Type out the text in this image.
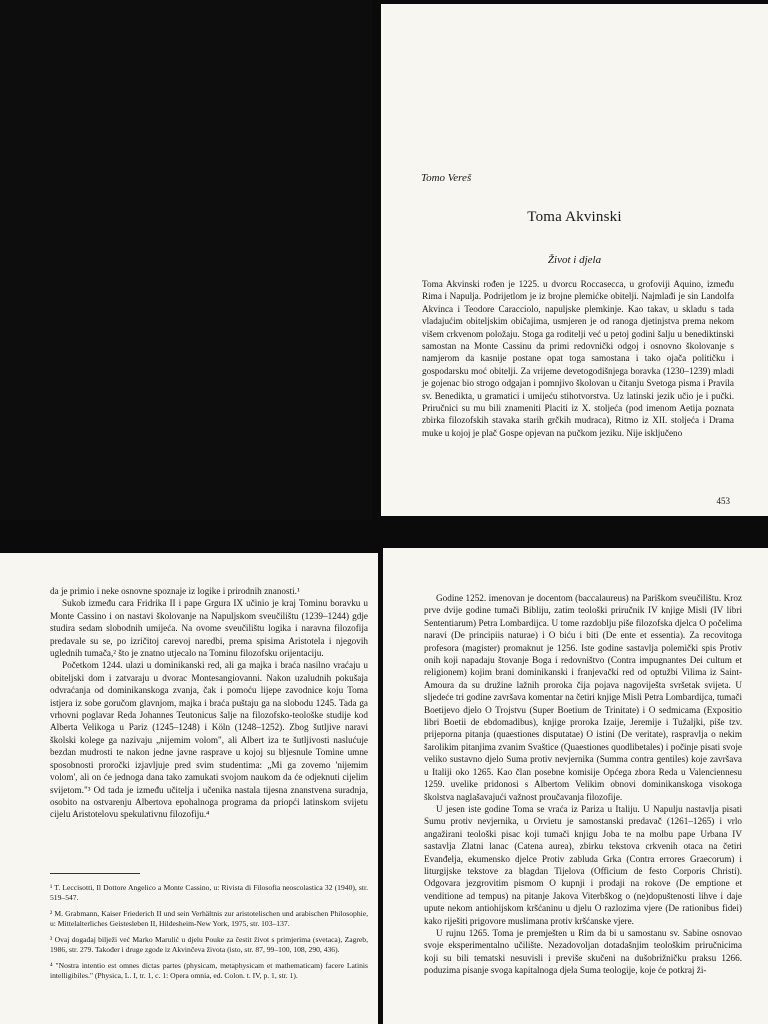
Tomo Vereš
Toma Akvinski
Život i djela

Toma Akvinski rođen je 1225. u dvorcu Roccasecca, u grofoviji Aquino, između Rima i Napulja. Podrijetlom je iz brojne plemićke obitelji. Najmlađi je sin Landolfa Akvinca i Teodore Caracciolo, napuljske plemkinje. Kao takav, u skladu s tada vladajućim obiteljskim običajima, usmjeren je od ranoga djetinjstva prema nekom višem crkvenom položaju. Stoga ga roditelji već u petoj godini šalju u benediktinski samostan na Monte Cassinu da primi redovnički odgoj i osnovno školovanje s namjerom da kasnije postane opat toga samostana i tako ojača političku i gospodarsku moć obitelji. Za vrijeme devetogodišnjega boravka (1230–1239) mladi je gojenac bio strogo odgajan i pomnjivo školovan u čitanju Svetoga pisma i Pravila sv. Benedikta, u gramatici i umijeću stihotvorstva. Uz latinski jezik učio je i pučki. Priručnici su mu bili znameniti Placiti iz X. stoljeća (pod imenom Aetija poznata zbirka filozofskih stavaka starih grčkih mudraca), Ritmo iz XII. stoljeća i Drama muke u kojoj je plač Gospe opjevan na pučkom jeziku. Nije isključeno

453

da je primio i neke osnovne spoznaje iz logike i prirodnih znanosti.¹

Sukob između cara Fridrika II i pape Grgura IX učinio je kraj Tominu boravku u Monte Cassino i on nastavi školovanje na Napuljskom sveučilištu (1239–1244) gdje studira sedam slobodnih umijeća. Na ovome sveučilištu logika i naravna filozofija predavale su se, po izričitoj carevoj naredbi, prema spisima Aristotela i njegovih uglednih tumača,² što je znatno utjecalo na Tominu filozofsku orijentaciju.

Početkom 1244. ulazi u dominikanski red, ali ga majka i braća nasilno vraćaju u obiteljski dom i zatvaraju u dvorac Montesangiovanni. Nakon uzaludnih pokušaja odvraćanja od dominikanskoga zvanja, čak i pomoću lijepe zavodnice koju Toma istjera iz sobe goručom glavnjom, majka i braća puštaju ga na slobodu 1245. Tada ga vrhovni poglavar Reda Johannes Teutonicus šalje na filozofsko-teološke studije kod Alberta Velikoga u Pariz (1245–1248) i Köln (1248–1252). Zbog šutljive naravi školski kolege ga nazivaju „nijemim volom", ali Albert iza te šutljivosti naslućuje bezdan mudrosti te nakon jedne javne rasprave u kojoj su bljesnule Tomine umne sposobnosti proročki izjavljuje pred svim studentima: „Mi ga zovemo 'nijemim volom', ali on će jednoga dana tako zamukati svojom naukom da će odjeknuti cijelim svijetom."³ Od tada je između učitelja i učenika nastala tijesna znanstvena suradnja, osobito na ostvarenju Albertova epohalnoga programa da priopći latinskom svijetu cijelu Aristotelovu spekulativnu filozofiju.⁴

¹ T. Leccisotti, Il Dottore Angelico a Monte Cassino, u: Rivista di Filosofia neoscolastica 32 (1940), str. 519–547.

² M. Grabmann, Kaiser Friederich II und sein Verhältnis zur aristotelischen und arabischen Philosophie, u: Mittelalterliches Geistesleben II, Hildesheim-New York, 1975, str. 103–137.

³ Ovaj događaj bilježi već Marko Marulić u djelu Pouke za čestit život s primjerima (svetaca), Zagreb, 1986, str. 279. Također i druge zgode iz Akvinčeva života (isto, str. 87, 99–100, 108, 290, 436).

⁴ "Nostra intentio est omnes dictas partes (physicam, metaphysicam et mathematicam) facere Latinis intelligibiles." (Physica, L. I, tr. 1, c. 1: Opera omnia, ed. Colon. t. IV, p. 1, str. 1).

Godine 1252. imenovan je docentom (baccalaureus) na Pariškom sveučilištu. Kroz prve dvije godine tumači Bibliju, zatim teološki priručnik IV knjige Misli (IV libri Sententiarum) Petra Lombardijca. U tome razdoblju piše filozofska djelca O počelima naravi (De principiis naturae) i O biću i biti (De ente et essentia). Za recovitoga profesora (magister) promaknut je 1256. Iste godine sastavlja polemički spis Protiv onih koji napadaju štovanje Boga i redovništvo (Contra impugnantes Dei cultum et religionem) kojim brani dominikanski i franjevački red od optužbi Vilima iz Saint-Amoura da su družine lažnih proroka čija pojava nagoviješta svršetak svijeta. U sljedeće tri godine završava komentar na četiri knjige Misli Petra Lombardijca, tumači Boetijevo djelo O Trojstvu (Super Boetium de Trinitate) i O sedmicama (Expositio libri Boetii de ebdomadibus), knjige proroka Izaije, Jeremije i Tužaljki, piše tzv. prijeporna pitanja (quaestiones disputatae) O istini (De veritate), raspravlja o nekim šarolikim pitanjima zvanim Svaštice (Quaestiones quodlibetales) i počinje pisati svoje veliko sustavno djelo Suma protiv nevjernika (Summa contra gentiles) koje završava u Italiji oko 1265. Kao član posebne komisije Općega zbora Reda u Valenciennesu 1259. uvelike pridonosi s Albertom Velikim obnovi dominikanskoga visokoga školstva naglašavajući važnost proučavanja filozofije.

U jesen iste godine Toma se vraća iz Pariza u Italiju. U Napulju nastavlja pisati Sumu protiv nevjernika, u Orvietu je samostanski predavač (1261–1265) i vrlo angažirani teološki pisac koji tumači knjigu Joba te na molbu pape Urbana IV sastavlja Zlatni lanac (Catena aurea), zbirku tekstova crkvenih otaca na četiri Evanđelja, ekumensko djelce Protiv zabluda Grka (Contra errores Graecorum) i liturgijske tekstove za blagdan Tijelova (Officium de festo Corporis Christi). Odgovara jezgrovitim pismom O kupnji i prodaji na rokove (De emptione et venditione ad tempus) na pitanje Jakova Viterbškog o (ne)dopuštenosti lihve i daje upute nekom antiohijskom kršćaninu u djelu O razlozima vjere (De rationibus fidei) kako riješiti prigovore muslimana protiv kršćanske vjere.

U rujnu 1265. Toma je premješten u Rim da bi u samostanu sv. Sabine osnovao svoje eksperimentalno učilište. Nezadovoljan dotadašnjim teološkim priručnicima koji su bili tematski nesuvisli i previše skučeni na dušobrižničku praksu 1266. poduzima pisanje svoga kapitalnoga djela Suma teologije, koje će potkraj ži-
